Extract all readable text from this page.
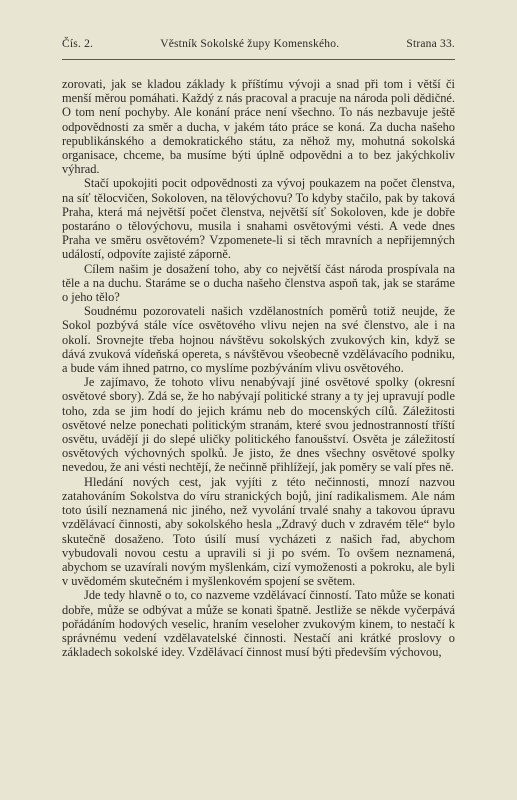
Čís. 2.	Věstník Sokolské župy Komenského.	Strana 33.

zorovati, jak se kladou základy k příštímu vývoji a snad při tom i větší či menší měrou pomáhati. Každý z nás pracoval a pracuje na národa poli dědičné. O tom není pochyby. Ale konání práce není všechno. To nás nezbavuje ještě odpovědnosti za směr a ducha, v jakém táto práce se koná. Za ducha našeho republikánského a demokratického státu, za něhož my, mohutná sokolská organisace, chceme, ba musíme býti úplně odpovědni a to bez jakýchkoliv výhrad.

Stačí upokojiti pocit odpovědnosti za vývoj poukazem na počet členstva, na síť tělocvičen, Sokoloven, na tělovýchovu? To kdyby stačilo, pak by taková Praha, která má největší počet členstva, největší síť Sokoloven, kde je dobře postaráno o tělovýchovu, musila i snahami osvětovými vésti. A vede dnes Praha ve směru osvětovém? Vzpomenete-li si těch mravních a nepřijemných událostí, odpovíte zajisté záporně.

Cílem našim je dosažení toho, aby co největší část národa prospívala na těle a na duchu. Staráme se o ducha našeho členstva aspoň tak, jak se staráme o jeho tělo?

Soudnému pozorovateli našich vzdělanostních poměrů totiž neujde, že Sokol pozbývá stále více osvětového vlivu nejen na své členstvo, ale i na okolí. Srovnejte třeba hojnou návštěvu sokolských zvukových kin, když se dává zvuková vídeňská opereta, s návštěvou všeobecně vzdělávacího podniku, a bude vám ihned patrno, co myslíme pozbýváním vlivu osvětového.

Je zajímavo, že tohoto vlivu nenabývají jiné osvětové spolky (okresní osvětové sbory). Zdá se, že ho nabývají politické strany a ty jej upravují podle toho, zda se jim hodí do jejich krámu neb do mocenských cílů. Záležitosti osvětové nelze ponechati politickým stranám, které svou jednostranností tříští osvětu, uvádějí ji do slepé uličky politického fanoušství. Osvěta je záležitostí osvětových výchovných spolků. Je jisto, že dnes všechny osvětové spolky nevedou, že ani vésti nechtějí, že nečinně přihlížejí, jak poměry se valí přes ně.

Hledání nových cest, jak vyjíti z této nečinnosti, mnozí nazvou zatahováním Sokolstva do víru stranických bojů, jiní radikalismem. Ale nám toto úsilí neznamená nic jiného, než vyvolání trvalé snahy a takovou úpravu vzdělávací činnosti, aby sokolského hesla „Zdravý duch v zdravém těle“ bylo skutečně dosaženo. Toto úsilí musí vycházeti z našich řad, abychom vybudovali novou cestu a upravili si ji po svém. To ovšem neznamená, abychom se uzavírali novým myšlenkám, cizí vymoženosti a pokroku, ale byli v uvědomém skutečném i myšlenkovém spojení se světem.

Jde tedy hlavně o to, co nazveme vzdělávací činností. Tato může se konati dobře, může se odbývat a může se konati špatně. Jestliže se někde vyčerpává pořádáním hodových veselic, hraním veseloher zvukovým kinem, to nestačí k správnému vedení vzdělavatelské činnosti. Nestačí ani krátké proslovy o základech sokolské idey. Vzdělávací činnost musí býti především výchovou,
